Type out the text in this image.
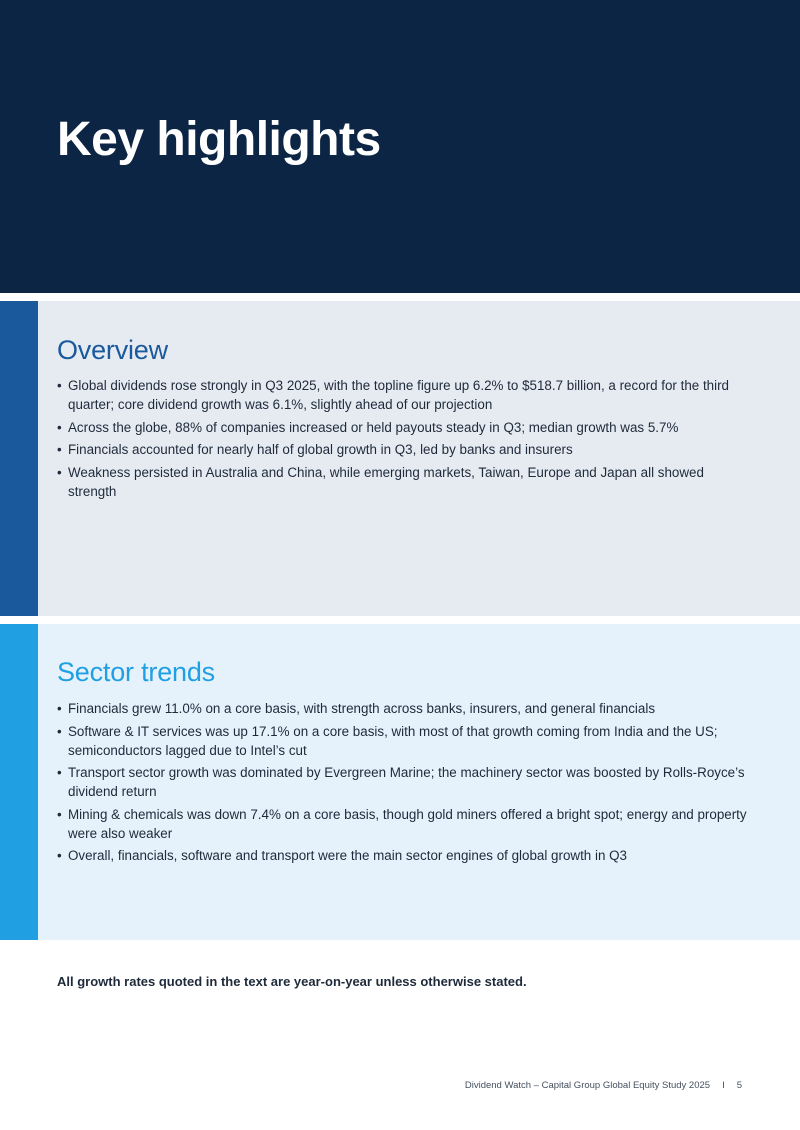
Key highlights
Overview
• Global dividends rose strongly in Q3 2025, with the topline figure up 6.2% to $518.7 billion, a record for the third quarter; core dividend growth was 6.1%, slightly ahead of our projection
• Across the globe, 88% of companies increased or held payouts steady in Q3; median growth was 5.7%
• Financials accounted for nearly half of global growth in Q3, led by banks and insurers
• Weakness persisted in Australia and China, while emerging markets, Taiwan, Europe and Japan all showed strength
Sector trends
• Financials grew 11.0% on a core basis, with strength across banks, insurers, and general financials
• Software & IT services was up 17.1% on a core basis, with most of that growth coming from India and the US; semiconductors lagged due to Intel’s cut
• Transport sector growth was dominated by Evergreen Marine; the machinery sector was boosted by Rolls-Royce’s dividend return
• Mining & chemicals was down 7.4% on a core basis, though gold miners offered a bright spot; energy and property were also weaker
• Overall, financials, software and transport were the main sector engines of global growth in Q3

All growth rates quoted in the text are year-on-year unless otherwise stated.

Dividend Watch – Capital Group Global Equity Study 2025 I 5
